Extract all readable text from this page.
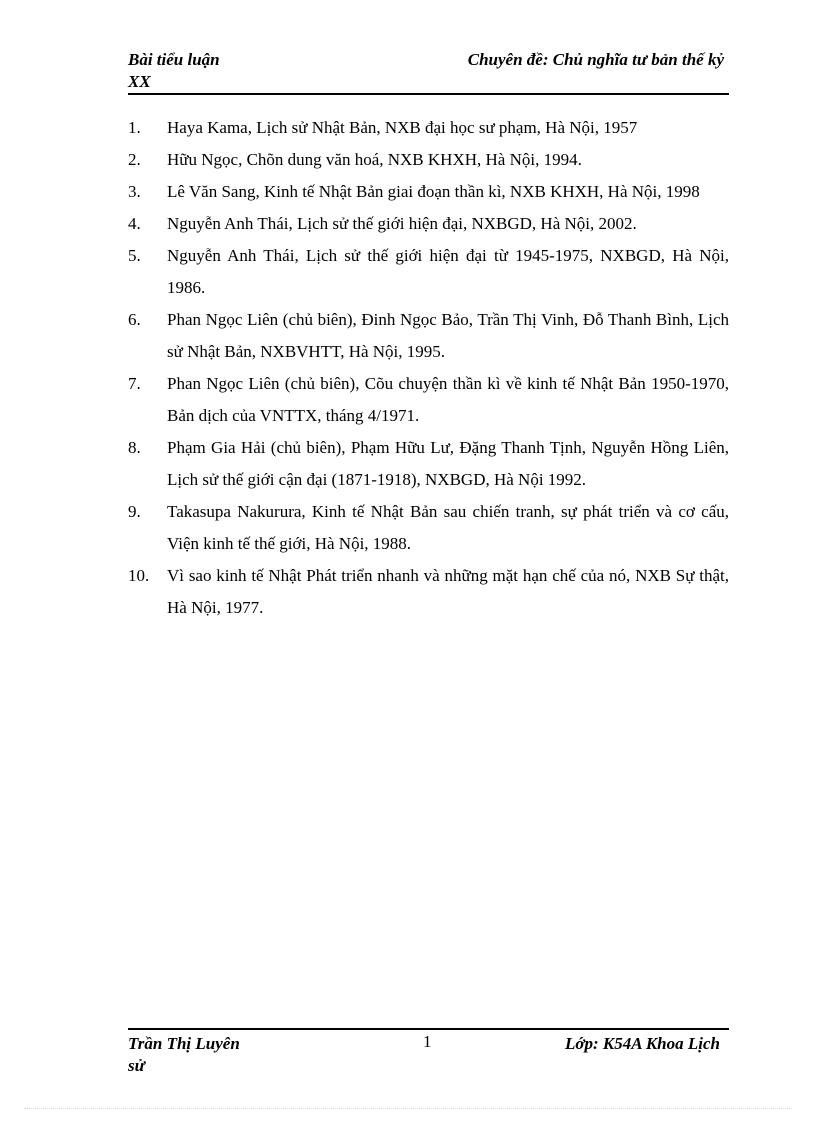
Bài tiểu luận
XX
Chuyên đề: Chủ nghĩa tư bản thế kỷ
1. Haya Kama, Lịch sử Nhật Bản, NXB đại học sư phạm, Hà Nội, 1957
2. Hữu Ngọc, Chõn dung văn hoá, NXB KHXH, Hà Nội, 1994.
3. Lê Văn Sang, Kinh tế Nhật Bản giai đoạn thần kì, NXB KHXH, Hà Nội, 1998
4. Nguyễn Anh Thái, Lịch sử thế giới hiện đại, NXBGD, Hà Nội, 2002.
5. Nguyễn Anh Thái, Lịch sử thế giới hiện đại từ 1945-1975, NXBGD, Hà Nội, 1986.
6. Phan Ngọc Liên (chủ biên), Đinh Ngọc Bảo, Trần Thị Vinh, Đỗ Thanh Bình, Lịch sử Nhật Bản, NXBVHTT, Hà Nội, 1995.
7. Phan Ngọc Liên (chủ biên), Cõu chuyện thần kì về kinh tế Nhật Bản 1950-1970, Bản dịch của VNTTX, tháng 4/1971.
8. Phạm Gia Hải (chủ biên), Phạm Hữu Lư, Đặng Thanh Tịnh, Nguyễn Hồng Liên, Lịch sử thế giới cận đại (1871-1918), NXBGD, Hà Nội 1992.
9. Takasupa Nakurura, Kinh tế Nhật Bản sau chiến tranh, sự phát triển và cơ cấu, Viện kinh tế thế giới, Hà Nội, 1988.
10. Vì sao kinh tế Nhật Phát triển nhanh và những mặt hạn chế của nó, NXB Sự thật, Hà Nội, 1977.
Trần Thị Luyên
sử
1	Lớp: K54A Khoa Lịch
